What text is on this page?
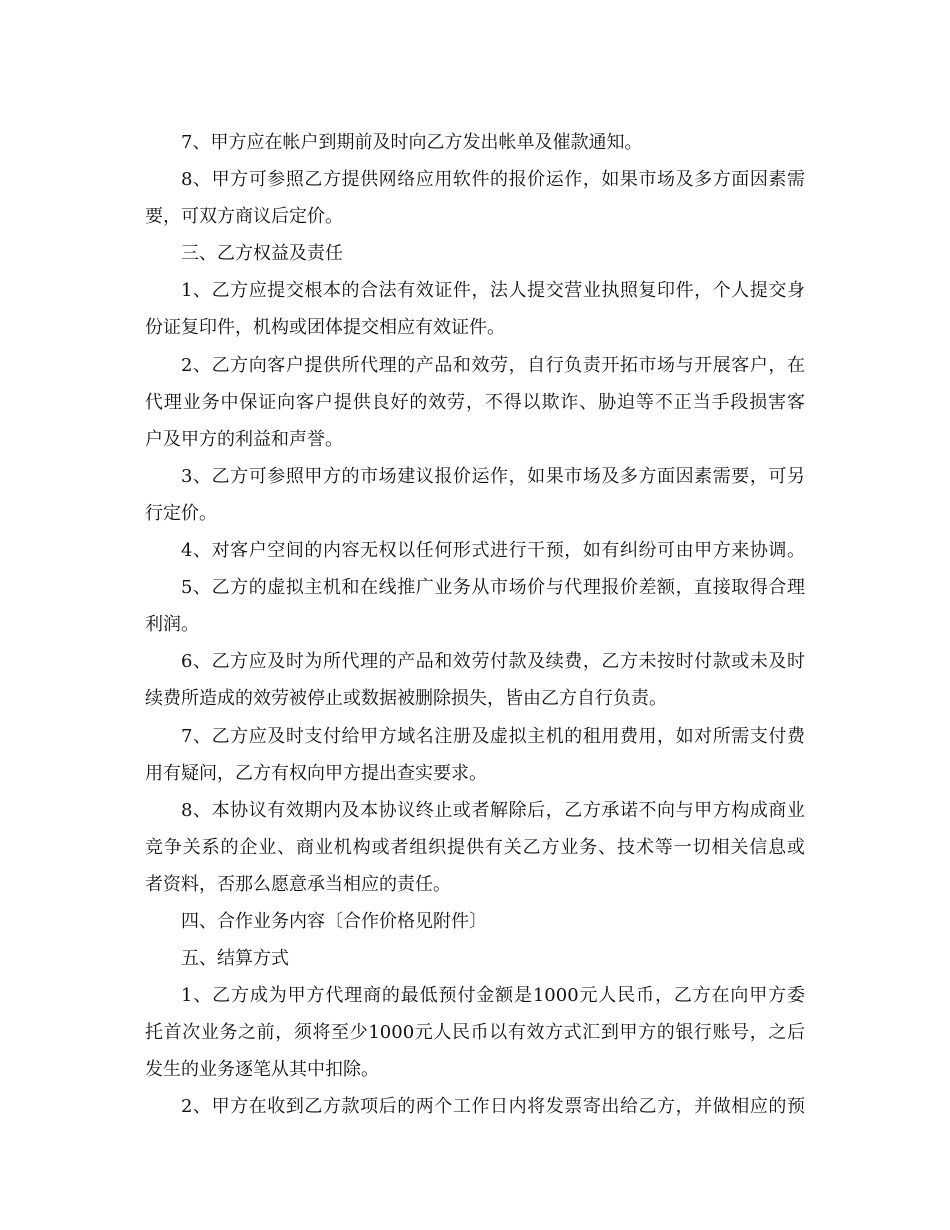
7、甲方应在帐户到期前及时向乙方发出帐单及催款通知。
8、甲方可参照乙方提供网络应用软件的报价运作，如果市场及多方面因素需
要，可双方商议后定价。
三、乙方权益及责任
1、乙方应提交根本的合法有效证件，法人提交营业执照复印件，个人提交身
份证复印件，机构或团体提交相应有效证件。
2、乙方向客户提供所代理的产品和效劳，自行负责开拓市场与开展客户，在
代理业务中保证向客户提供良好的效劳，不得以欺诈、胁迫等不正当手段损害客
户及甲方的利益和声誉。
3、乙方可参照甲方的市场建议报价运作，如果市场及多方面因素需要，可另
行定价。
4、对客户空间的内容无权以任何形式进行干预，如有纠纷可由甲方来协调。
5、乙方的虚拟主机和在线推广业务从市场价与代理报价差额，直接取得合理
利润。
6、乙方应及时为所代理的产品和效劳付款及续费，乙方未按时付款或未及时
续费所造成的效劳被停止或数据被删除损失，皆由乙方自行负责。
7、乙方应及时支付给甲方域名注册及虚拟主机的租用费用，如对所需支付费
用有疑问，乙方有权向甲方提出查实要求。
8、本协议有效期内及本协议终止或者解除后，乙方承诺不向与甲方构成商业
竞争关系的企业、商业机构或者组织提供有关乙方业务、技术等一切相关信息或
者资料，否那么愿意承当相应的责任。
四、合作业务内容〔合作价格见附件〕
五、结算方式
1、乙方成为甲方代理商的最低预付金额是1000元人民币，乙方在向甲方委
托首次业务之前，须将至少1000元人民币以有效方式汇到甲方的银行账号，之后
发生的业务逐笔从其中扣除。
2、甲方在收到乙方款项后的两个工作日内将发票寄出给乙方，并做相应的预
